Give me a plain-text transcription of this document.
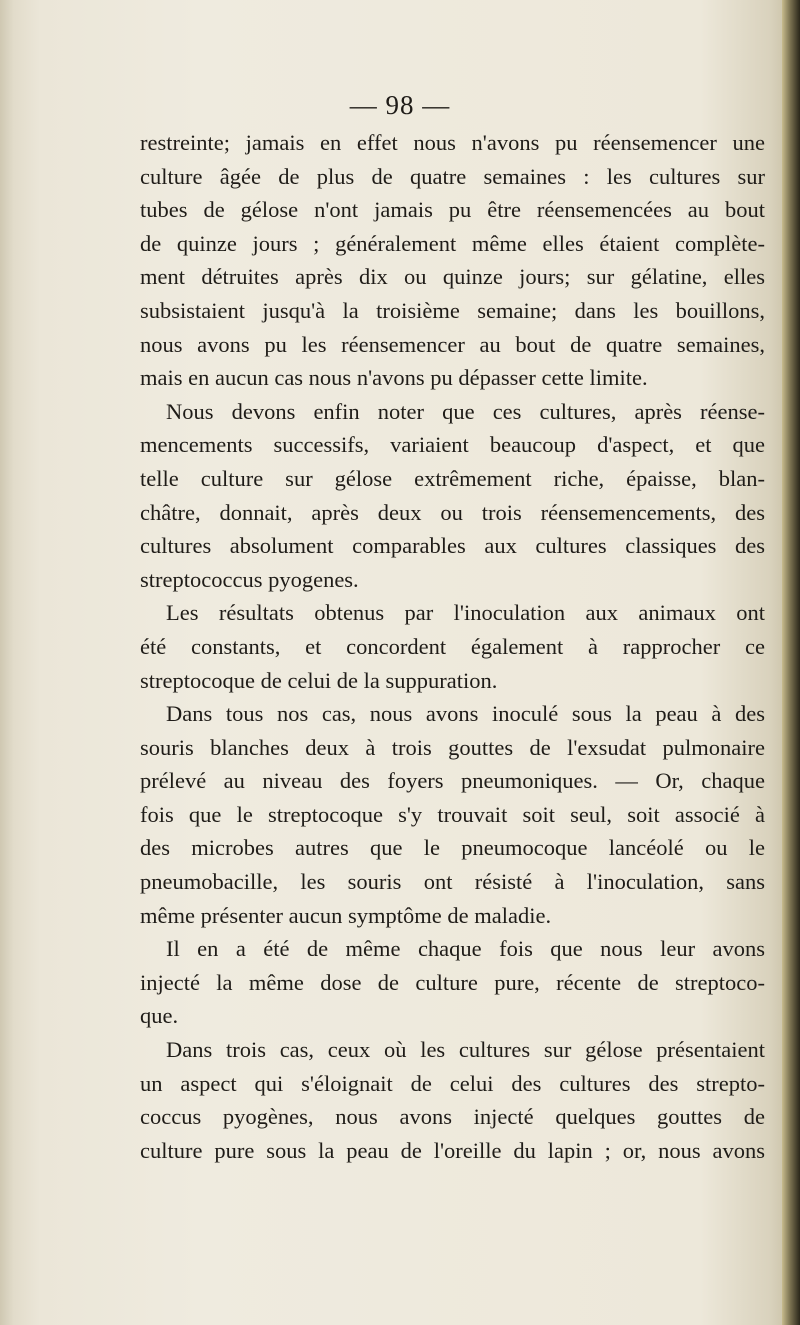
— 98 —

restreinte; jamais en effet nous n'avons pu réensemencer une

culture âgée de plus de quatre semaines : les cultures sur

tubes de gélose n'ont jamais pu être réensemencées au bout

de quinze jours ; généralement même elles étaient complète-

ment détruites après dix ou quinze jours; sur gélatine, elles

subsistaient jusqu'à la troisième semaine; dans les bouillons,

nous avons pu les réensemencer au bout de quatre semaines,

mais en aucun cas nous n'avons pu dépasser cette limite.

Nous devons enfin noter que ces cultures, après réense-

mencements successifs, variaient beaucoup d'aspect, et que

telle culture sur gélose extrêmement riche, épaisse, blan-

châtre, donnait, après deux ou trois réensemencements, des

cultures absolument comparables aux cultures classiques des

streptococcus pyogenes.

Les résultats obtenus par l'inoculation aux animaux ont

été constants, et concordent également à rapprocher ce

streptocoque de celui de la suppuration.

Dans tous nos cas, nous avons inoculé sous la peau à des

souris blanches deux à trois gouttes de l'exsudat pulmonaire

prélevé au niveau des foyers pneumoniques. — Or, chaque

fois que le streptocoque s'y trouvait soit seul, soit associé à

des microbes autres que le pneumocoque lancéolé ou le

pneumobacille, les souris ont résisté à l'inoculation, sans

même présenter aucun symptôme de maladie.

Il en a été de même chaque fois que nous leur avons

injecté la même dose de culture pure, récente de streptoco-

que.

Dans trois cas, ceux où les cultures sur gélose présentaient

un aspect qui s'éloignait de celui des cultures des strepto-

coccus pyogènes, nous avons injecté quelques gouttes de

culture pure sous la peau de l'oreille du lapin ; or, nous avons
